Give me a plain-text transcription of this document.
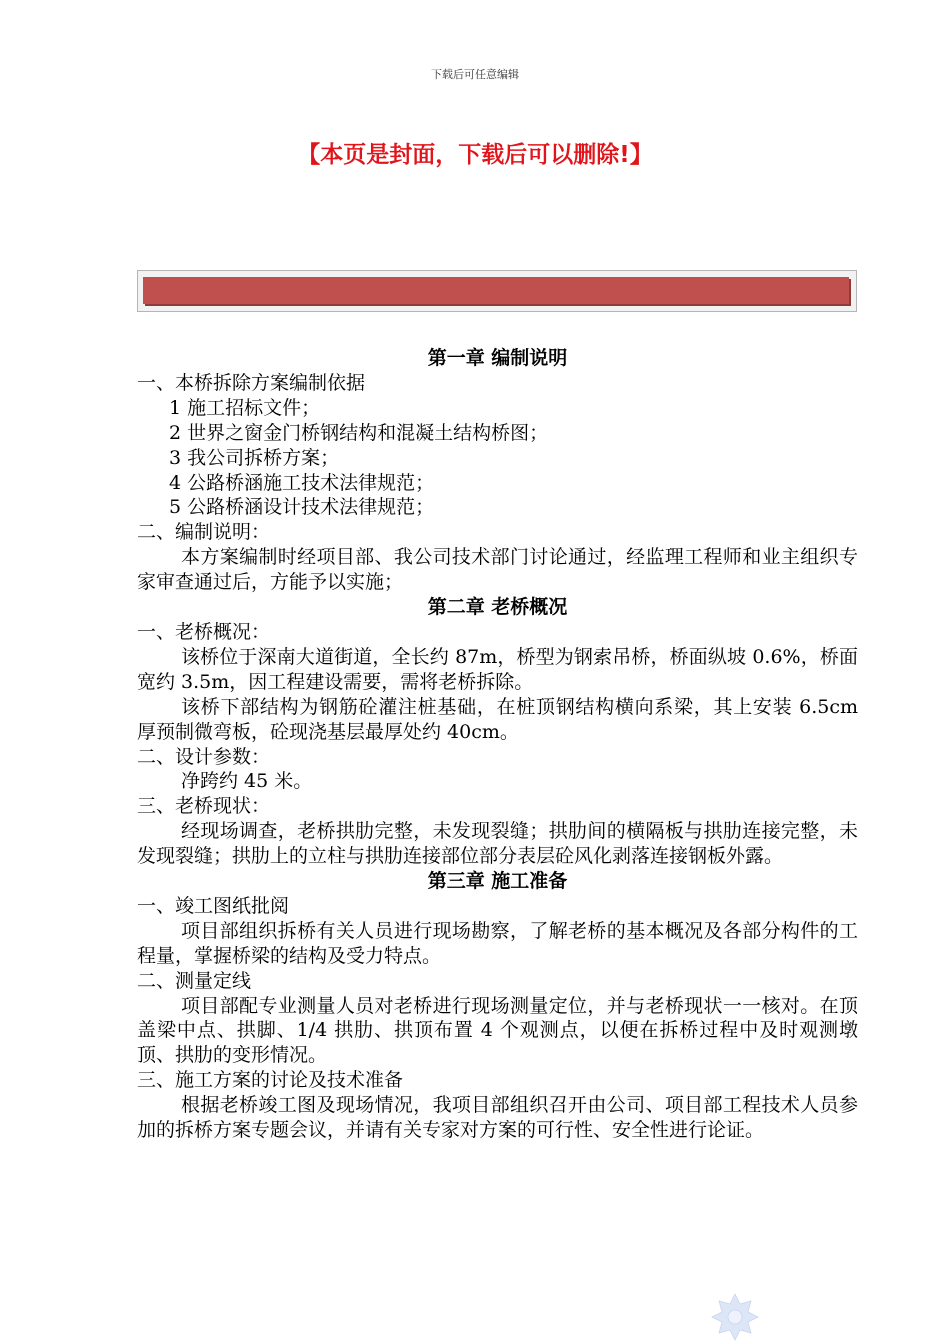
下载后可任意编辑
【本页是封面，下载后可以删除!】
第一章 编制说明
一、本桥拆除方案编制依据
1 施工招标文件；
2 世界之窗金门桥钢结构和混凝土结构桥图；
3 我公司拆桥方案；
4 公路桥涵施工技术法律规范；
5 公路桥涵设计技术法律规范；
二、编制说明：
本方案编制时经项目部、我公司技术部门讨论通过，经监理工程师和业主组织专家审查通过后，方能予以实施；
第二章 老桥概况
一、老桥概况：
该桥位于深南大道街道，全长约 87m，桥型为钢索吊桥，桥面纵坡 0.6%，桥面宽约 3.5m，因工程建设需要，需将老桥拆除。
该桥下部结构为钢筋砼灌注桩基础，在桩顶钢结构横向系梁，其上安装 6.5cm 厚预制微弯板，砼现浇基层最厚处约 40cm。
二、设计参数：
净跨约 45 米。
三、老桥现状：
经现场调查，老桥拱肋完整，未发现裂缝；拱肋间的横隔板与拱肋连接完整，未发现裂缝；拱肋上的立柱与拱肋连接部位部分表层砼风化剥落连接钢板外露。
第三章 施工准备
一、竣工图纸批阅
项目部组织拆桥有关人员进行现场勘察，了解老桥的基本概况及各部分构件的工程量，掌握桥梁的结构及受力特点。
二、测量定线
项目部配专业测量人员对老桥进行现场测量定位，并与老桥现状一一核对。在顶盖梁中点、拱脚、1/4 拱肋、拱顶布置 4 个观测点，以便在拆桥过程中及时观测墩顶、拱肋的变形情况。
三、施工方案的讨论及技术准备
根据老桥竣工图及现场情况，我项目部组织召开由公司、项目部工程技术人员参加的拆桥方案专题会议，并请有关专家对方案的可行性、安全性进行论证。
